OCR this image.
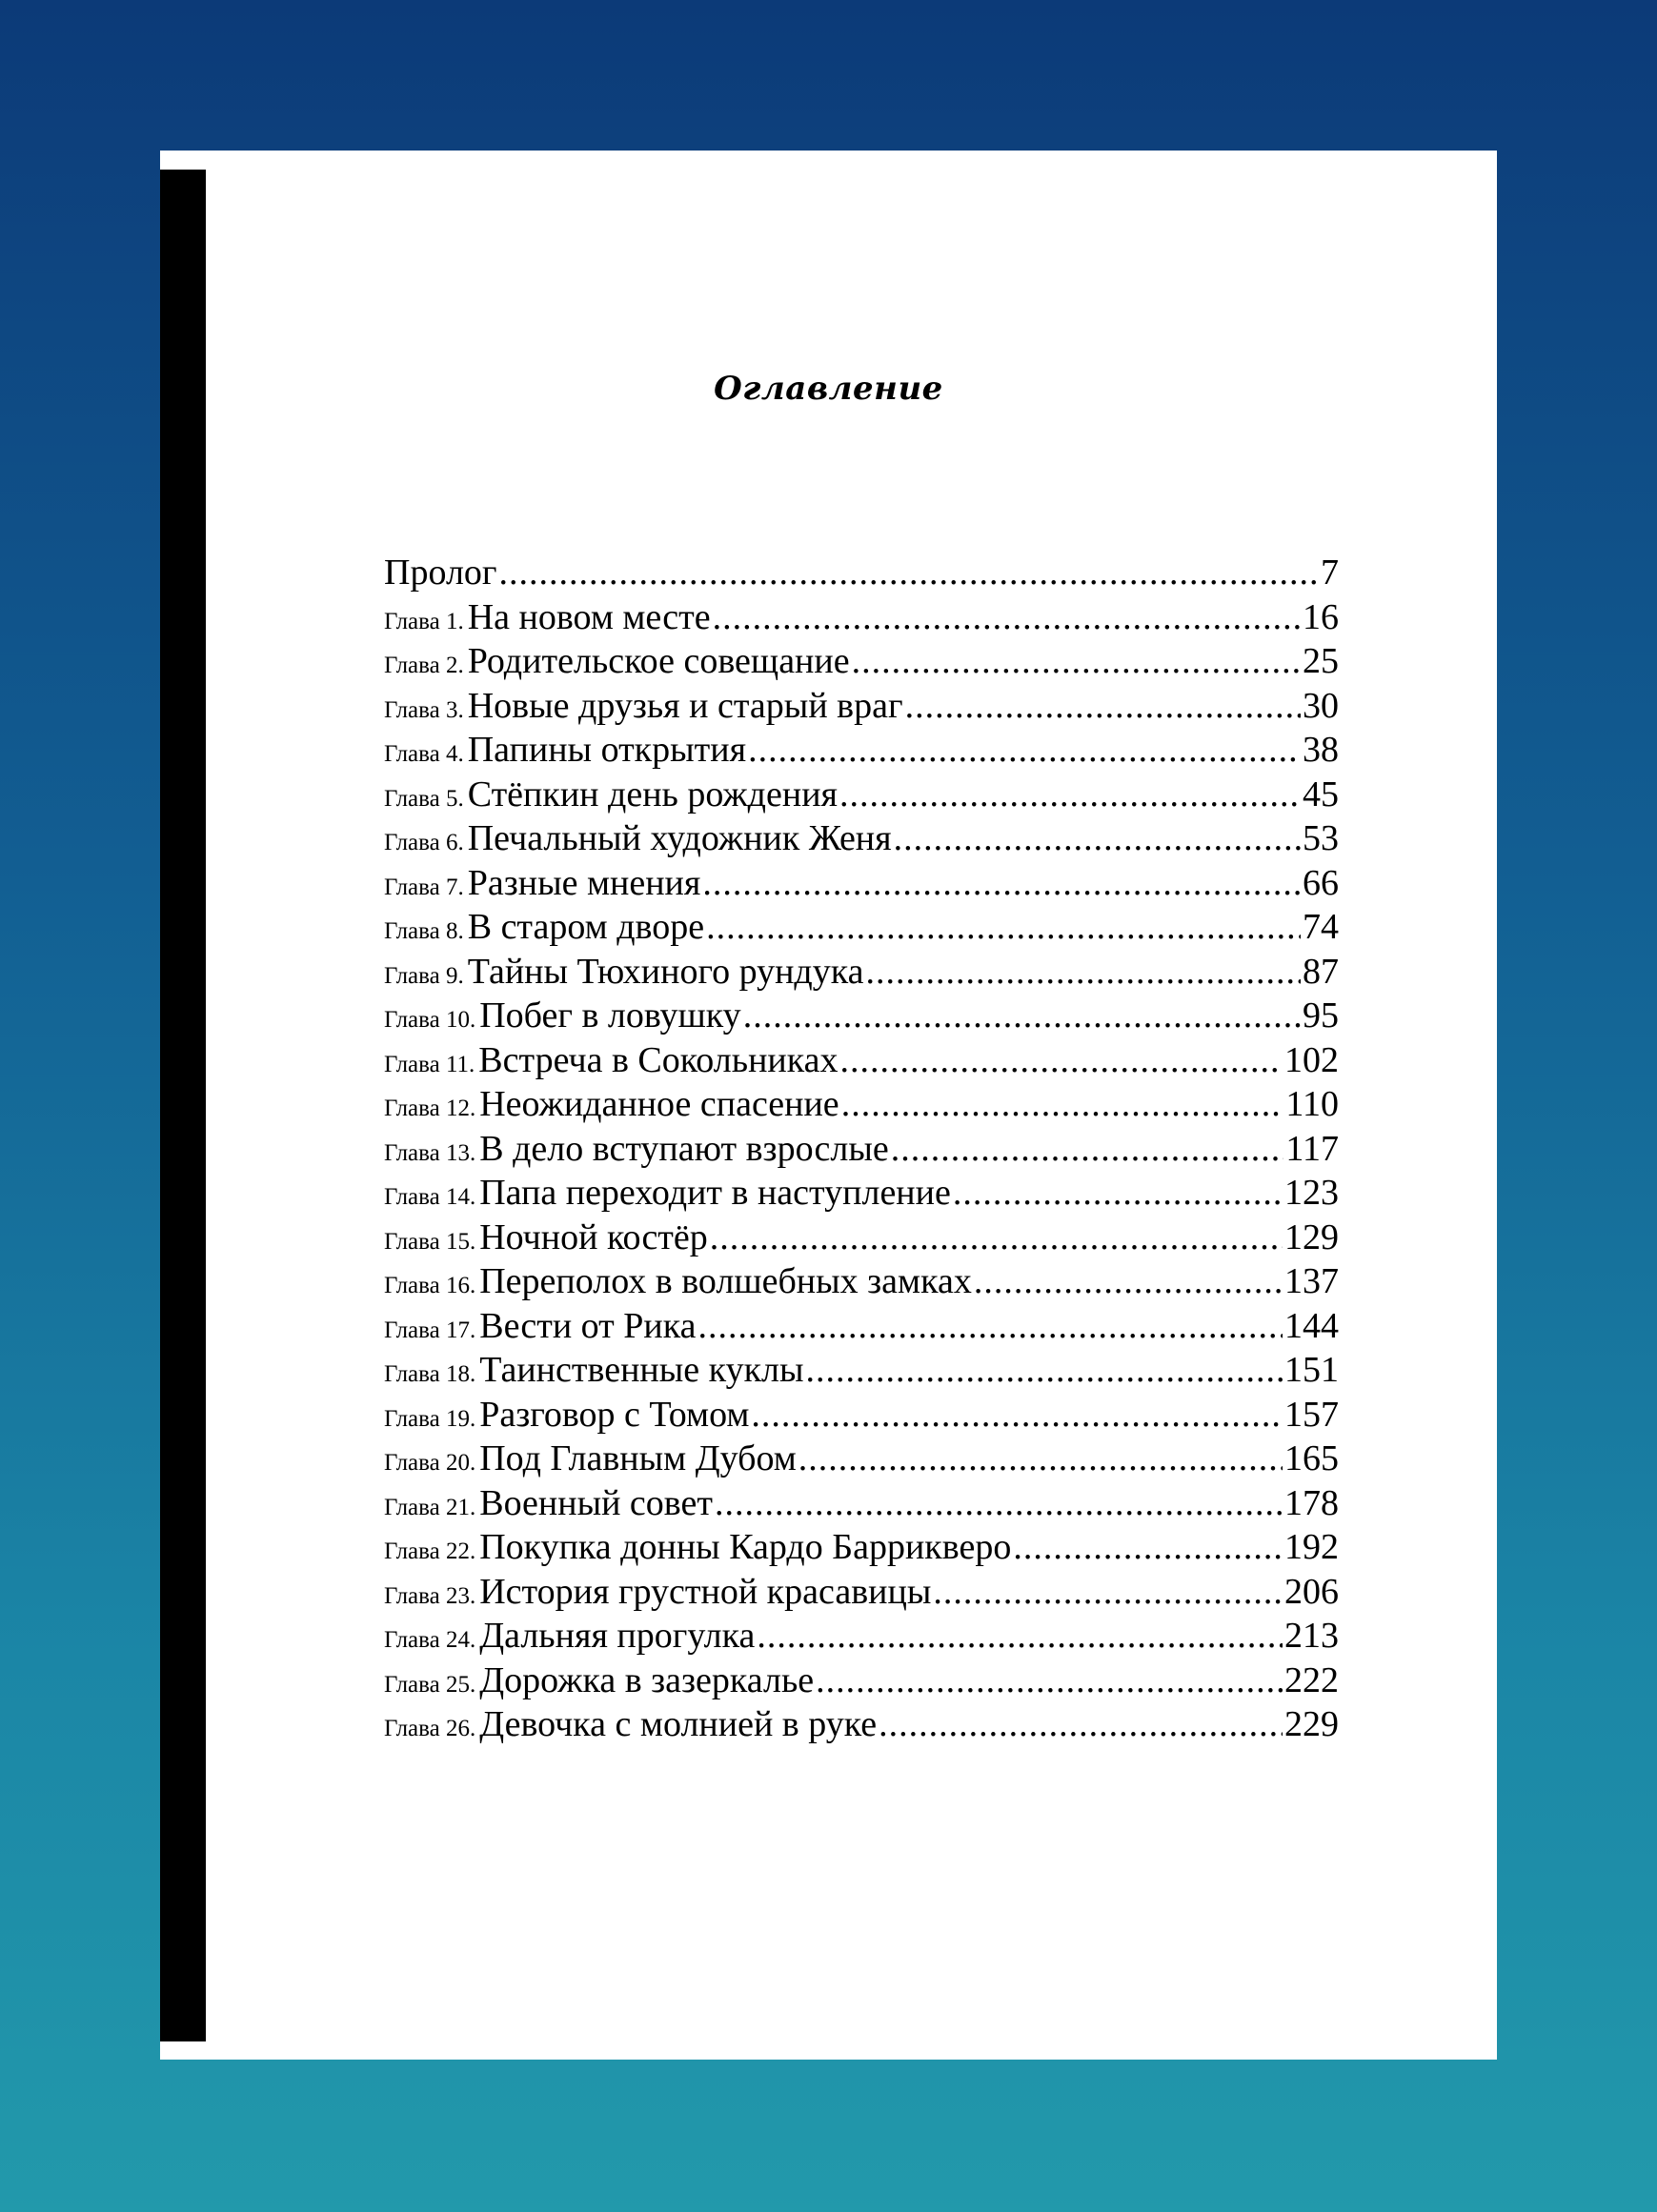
Оглавление
Пролог .....	7
Глава 1. На новом месте .....	16
Глава 2. Родительское совещание .....	25
Глава 3. Новые друзья и старый враг .....	30
Глава 4. Папины открытия .....	38
Глава 5. Стёпкин день рождения .....	45
Глава 6. Печальный художник Женя .....	53
Глава 7. Разные мнения .....	66
Глава 8. В старом дворе .....	74
Глава 9. Тайны Тюхиного рундука .....	87
Глава 10. Побег в ловушку .....	95
Глава 11. Встреча в Сокольниках .....	102
Глава 12. Неожиданное спасение .....	110
Глава 13. В дело вступают взрослые .....	117
Глава 14. Папа переходит в наступление .....	123
Глава 15. Ночной костёр .....	129
Глава 16. Переполох в волшебных замках .....	137
Глава 17. Вести от Рика .....	144
Глава 18. Таинственные куклы .....	151
Глава 19. Разговор с Томом .....	157
Глава 20. Под Главным Дубом .....	165
Глава 21. Военный совет .....	178
Глава 22. Покупка донны Кардо Баррикверо .....	192
Глава 23. История грустной красавицы .....	206
Глава 24. Дальняя прогулка .....	213
Глава 25. Дорожка в зазеркалье .....	222
Глава 26. Девочка с молнией в руке .....	229
